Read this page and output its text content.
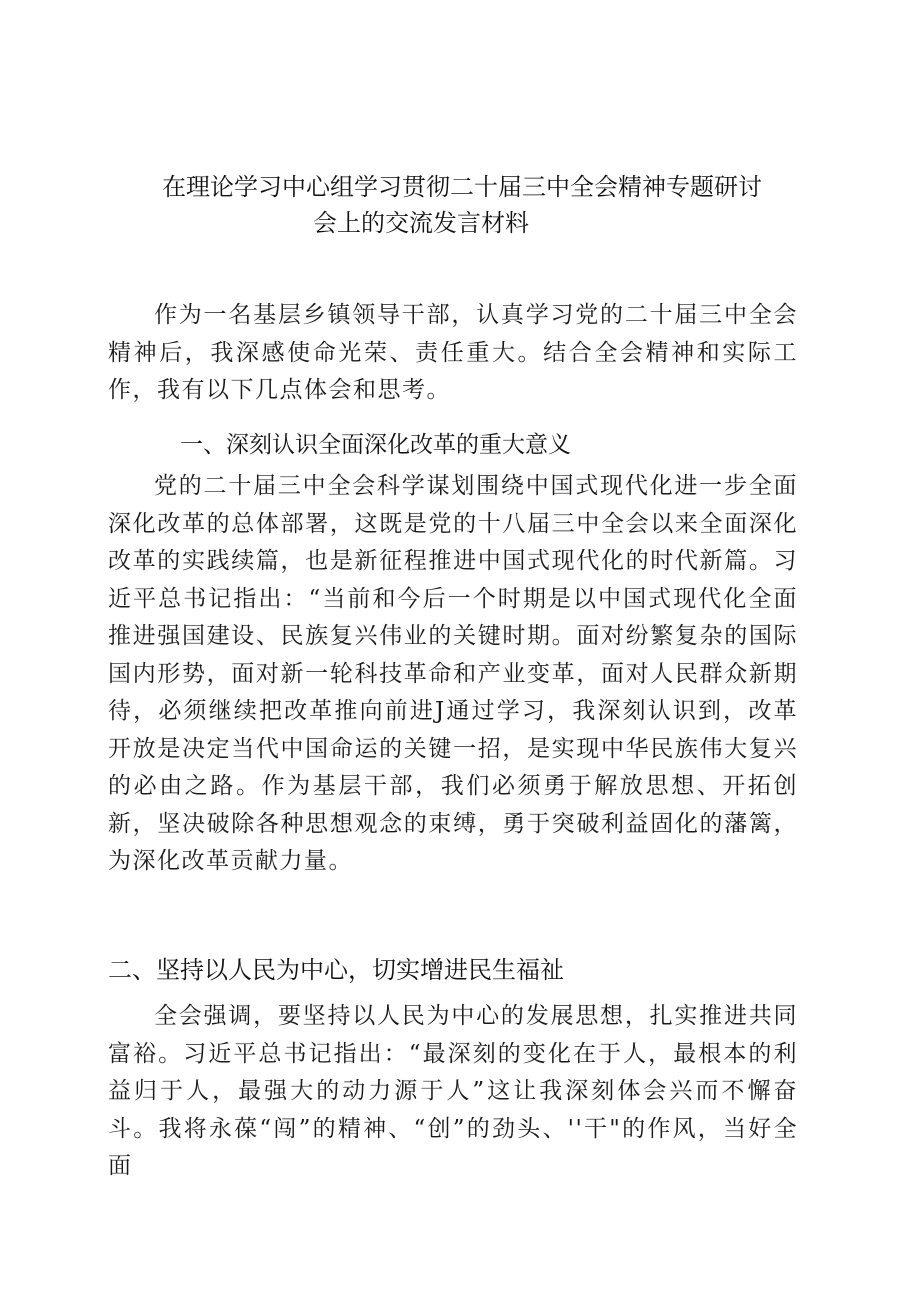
在理论学习中心组学习贯彻二十届三中全会精神专题研讨
会上的交流发言材料

作为一名基层乡镇领导干部，认真学习党的二十届三中全会精神后，我深感使命光荣、责任重大。结合全会精神和实际工作，我有以下几点体会和思考。

一、深刻认识全面深化改革的重大意义

党的二十届三中全会科学谋划围绕中国式现代化进一步全面深化改革的总体部署，这既是党的十八届三中全会以来全面深化改革的实践续篇，也是新征程推进中国式现代化的时代新篇。习近平总书记指出：“当前和今后一个时期是以中国式现代化全面推进强国建设、民族复兴伟业的关键时期。面对纷繁复杂的国际国内形势，面对新一轮科技革命和产业变革，面对人民群众新期待，必须继续把改革推向前进J通过学习，我深刻认识到，改革开放是决定当代中国命运的关键一招，是实现中华民族伟大复兴的必由之路。作为基层干部，我们必须勇于解放思想、开拓创新，坚决破除各种思想观念的束缚，勇于突破利益固化的藩篱，为深化改革贡献力量。

二、坚持以人民为中心，切实增进民生福祉

全会强调，要坚持以人民为中心的发展思想，扎实推进共同富裕。习近平总书记指出：“最深刻的变化在于人，最根本的利益归于人，最强大的动力源于人”这让我深刻体会兴而不懈奋斗。我将永葆“闯”的精神、“创”的劲头、''干"的作风，当好全面
